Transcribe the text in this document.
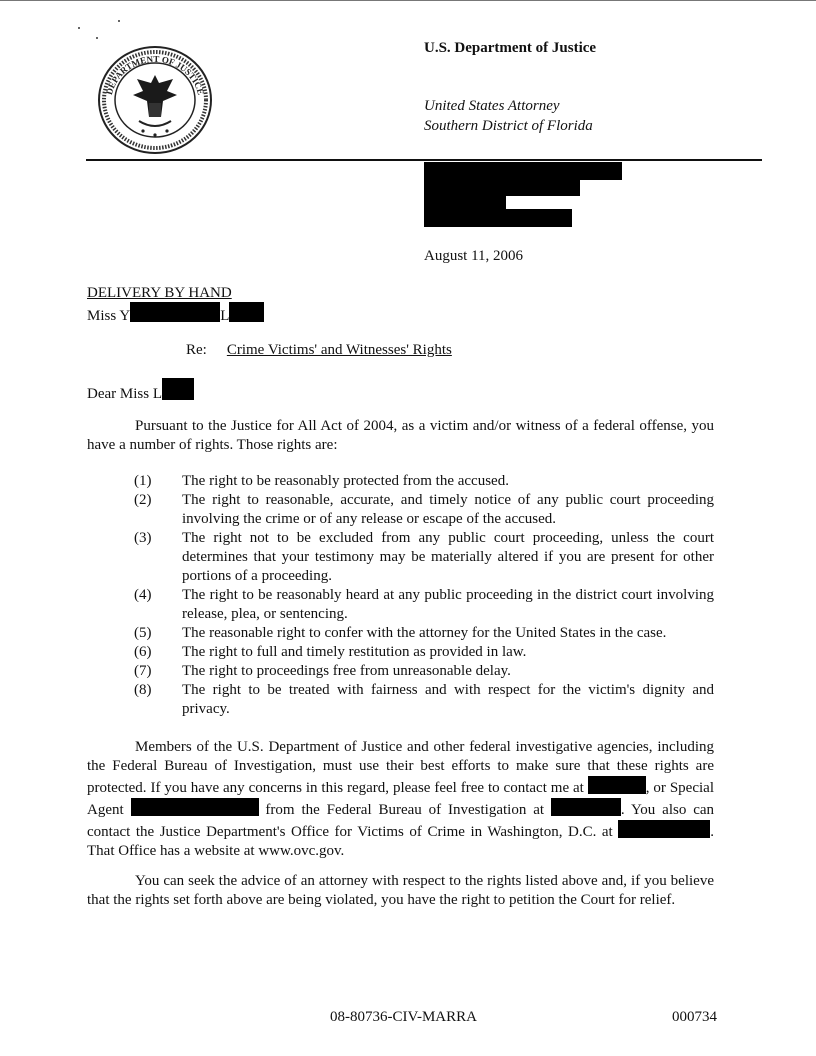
DEPARTMENT OF JUSTICE
U.S. Department of Justice
United States Attorney
Southern District of Florida
August 11, 2006
DELIVERY BY HAND
Miss Y	L
Re: Crime Victims' and Witnesses' Rights
Dear Miss L
Pursuant to the Justice for All Act of 2004, as a victim and/or witness of a federal offense, you have a number of rights. Those rights are:
(1)	The right to be reasonably protected from the accused.
(2)	The right to reasonable, accurate, and timely notice of any public court proceeding involving the crime or of any release or escape of the accused.
(3)	The right not to be excluded from any public court proceeding, unless the court determines that your testimony may be materially altered if you are present for other portions of a proceeding.
(4)	The right to be reasonably heard at any public proceeding in the district court involving release, plea, or sentencing.
(5)	The reasonable right to confer with the attorney for the United States in the case.
(6)	The right to full and timely restitution as provided in law.
(7)	The right to proceedings free from unreasonable delay.
(8)	The right to be treated with fairness and with respect for the victim's dignity and privacy.
Members of the U.S. Department of Justice and other federal investigative agencies, including the Federal Bureau of Investigation, must use their best efforts to make sure that these rights are protected. If you have any concerns in this regard, please feel free to contact me at	, or Special Agent	from the Federal Bureau of Investigation at	. You also can contact the Justice Department's Office for Victims of Crime in Washington, D.C. at	. That Office has a website at www.ovc.gov.
You can seek the advice of an attorney with respect to the rights listed above and, if you believe that the rights set forth above are being violated, you have the right to petition the Court for relief.
08-80736-CIV-MARRA	000734
